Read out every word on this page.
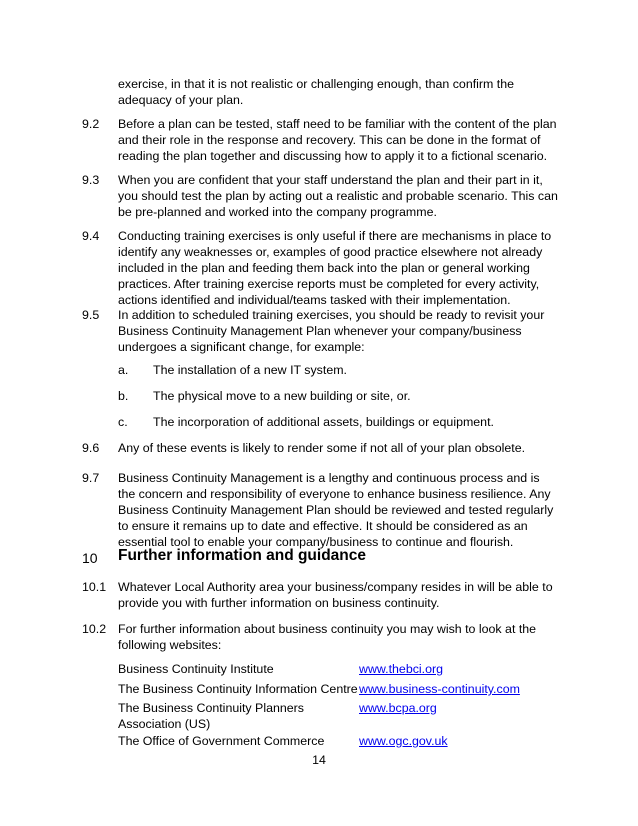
exercise, in that it is not realistic or challenging enough, than confirm the adequacy of your plan.
9.2 Before a plan can be tested, staff need to be familiar with the content of the plan and their role in the response and recovery. This can be done in the format of reading the plan together and discussing how to apply it to a fictional scenario.
9.3 When you are confident that your staff understand the plan and their part in it, you should test the plan by acting out a realistic and probable scenario. This can be pre-planned and worked into the company programme.
9.4 Conducting training exercises is only useful if there are mechanisms in place to identify any weaknesses or, examples of good practice elsewhere not already included in the plan and feeding them back into the plan or general working practices. After training exercise reports must be completed for every activity, actions identified and individual/teams tasked with their implementation.
9.5 In addition to scheduled training exercises, you should be ready to revisit your Business Continuity Management Plan whenever your company/business undergoes a significant change, for example:
a. The installation of a new IT system.
b. The physical move to a new building or site, or.
c. The incorporation of additional assets, buildings or equipment.
9.6 Any of these events is likely to render some if not all of your plan obsolete.
9.7 Business Continuity Management is a lengthy and continuous process and is the concern and responsibility of everyone to enhance business resilience. Any Business Continuity Management Plan should be reviewed and tested regularly to ensure it remains up to date and effective. It should be considered as an essential tool to enable your company/business to continue and flourish.
10 Further information and guidance
10.1 Whatever Local Authority area your business/company resides in will be able to provide you with further information on business continuity.
10.2 For further information about business continuity you may wish to look at the following websites:
Business Continuity Institute	www.thebci.org
The Business Continuity Information Centre www.business-continuity.com
The Business Continuity Planners Association (US)
www.bcpa.org
The Office of Government Commerce	www.ogc.gov.uk
14
